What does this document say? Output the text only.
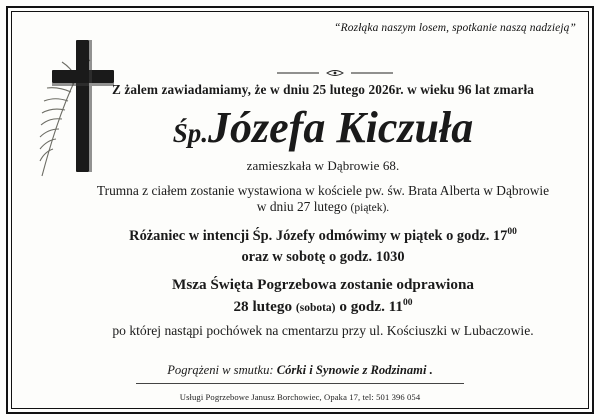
“Rozłąka naszym losem, spotkanie naszą nadzieją”
Z żalem zawiadamiamy, że w dniu 25 lutego 2026r. w wieku 96 lat zmarła
Śp.Józefa Kiczuła
zamieszkała w Dąbrowie 68.
Trumna z ciałem zostanie wystawiona w kościele pw. św. Brata Alberta w Dąbrowie
w dniu 27 lutego (piątek).
Różaniec w intencji Śp. Józefy odmówimy w piątek o godz. $17^{00}$
oraz w sobotę o godz. 1030
Msza Święta Pogrzebowa zostanie odprawiona
28 lutego (sobota) o godz. $11^{00}$
po której nastąpi pochówek na cmentarzu przy ul. Kościuszki w Lubaczowie.
Pogrążeni w smutku: Córki i Synowie z Rodzinami .
Usługi Pogrzebowe Janusz Borchowiec, Opaka 17, tel: 501 396 054
